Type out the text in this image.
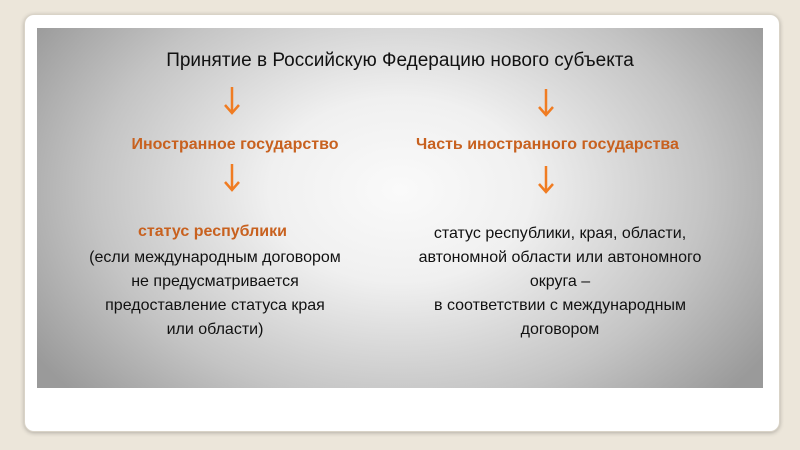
Принятие в Российскую Федерацию нового субъекта
Иностранное государство	Часть иностранного государства
статус республики
(если международным договором
не предусматривается
предоставление статуса края
или области)
статус республики, края, области,
автономной области или автономного
округа –
в соответствии с международным
договором
